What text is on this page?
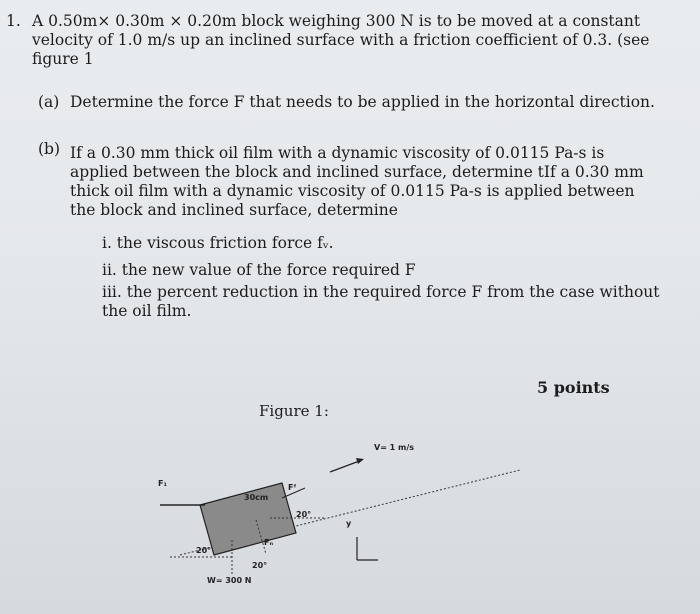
1. A 0.50m× 0.30m × 0.20m block weighing 300 N is to be moved at a constant
velocity of 1.0 m/s up an inclined surface with a friction coefficient of 0.3. (see
figure 1
(a) Determine the force F that needs to be applied in the horizontal direction.
(b) If a 0.30 mm thick oil film with a dynamic viscosity of 0.0115 Pa-s is
applied between the block and inclined surface, determine tIf a 0.30 mm
thick oil film with a dynamic viscosity of 0.0115 Pa-s is applied between
the block and inclined surface, determine
i. the viscous friction force fᵥ.
ii. the new value of the force required F
iii. the percent reduction in the required force F from the case without
the oil film.
5 points
Figure 1:
V= 1 m/s
F₁	Fᶠ
30cm
20°
20°
20°
Fₙ
y
W= 300 N
